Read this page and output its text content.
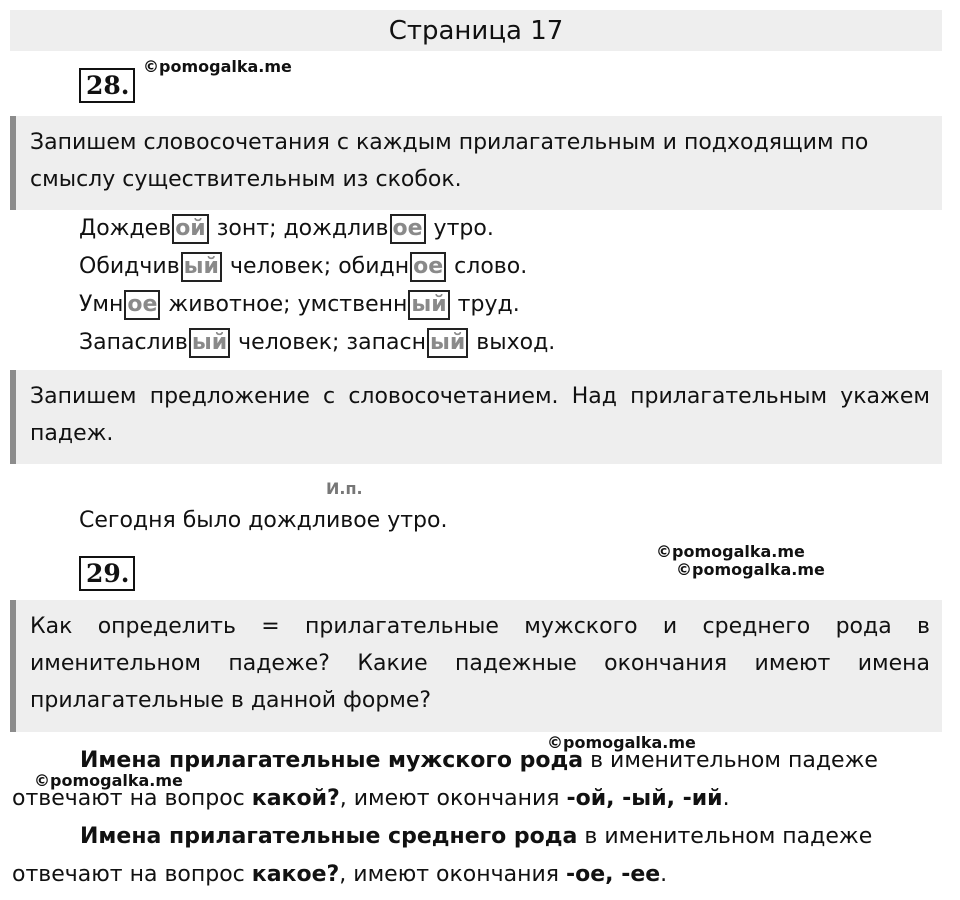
Страница 17
28.
©pomogalka.me
Запишем словосочетания с каждым прилагательным и подходящим по смыслу существительным из скобок.
Дождев ой зонт; дождлив ое утро.
Обидчив ый человек; обидн ое слово.
Умн ое животное; умственн ый труд.
Запаслив ый человек; запасн ый выход.
Запишем предложение с словосочетанием. Над прилагательным укажем падеж.
И.п.
Сегодня было дождливое утро.
29.
©pomogalka.me
©pomogalka.me
Как определить = прилагательные мужского и среднего рода в именительном падеже? Какие падежные окончания имеют имена прилагательные в данной форме?
©pomogalka.me
©pomogalka.me
Имена прилагательные мужского рода в именительном падеже отвечают на вопрос какой?, имеют окончания -ой, -ый, -ий.
Имена прилагательные среднего рода в именительном падеже отвечают на вопрос какое?, имеют окончания -ое, -ее.
